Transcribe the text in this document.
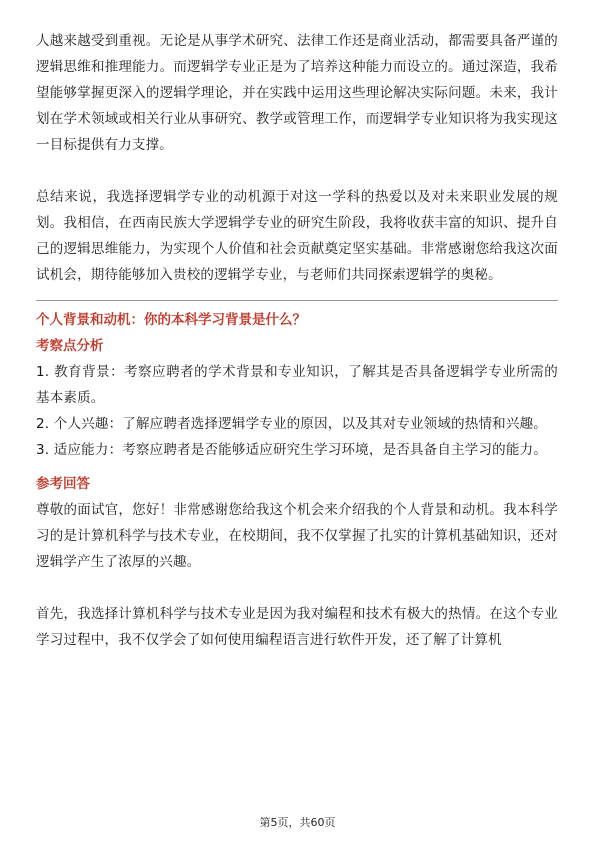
人越来越受到重视。无论是从事学术研究、法律工作还是商业活动，都需要具备严谨的逻辑思维和推理能力。而逻辑学专业正是为了培养这种能力而设立的。通过深造，我希望能够掌握更深入的逻辑学理论，并在实践中运用这些理论解决实际问题。未来，我计划在学术领域或相关行业从事研究、教学或管理工作，而逻辑学专业知识将为我实现这一目标提供有力支撑。

总结来说，我选择逻辑学专业的动机源于对这一学科的热爱以及对未来职业发展的规划。我相信，在西南民族大学逻辑学专业的研究生阶段，我将收获丰富的知识、提升自己的逻辑思维能力，为实现个人价值和社会贡献奠定坚实基础。非常感谢您给我这次面试机会，期待能够加入贵校的逻辑学专业，与老师们共同探索逻辑学的奥秘。

个人背景和动机：你的本科学习背景是什么？

考察点分析

1. 教育背景：考察应聘者的学术背景和专业知识，了解其是否具备逻辑学专业所需的基本素质。

2. 个人兴趣：了解应聘者选择逻辑学专业的原因，以及其对专业领域的热情和兴趣。

3. 适应能力：考察应聘者是否能够适应研究生学习环境，是否具备自主学习的能力。

参考回答

尊敬的面试官，您好！非常感谢您给我这个机会来介绍我的个人背景和动机。我本科学习的是计算机科学与技术专业，在校期间，我不仅掌握了扎实的计算机基础知识，还对逻辑学产生了浓厚的兴趣。

首先，我选择计算机科学与技术专业是因为我对编程和技术有极大的热情。在这个专业学习过程中，我不仅学会了如何使用编程语言进行软件开发，还了解了计算机

第5页，共60页
